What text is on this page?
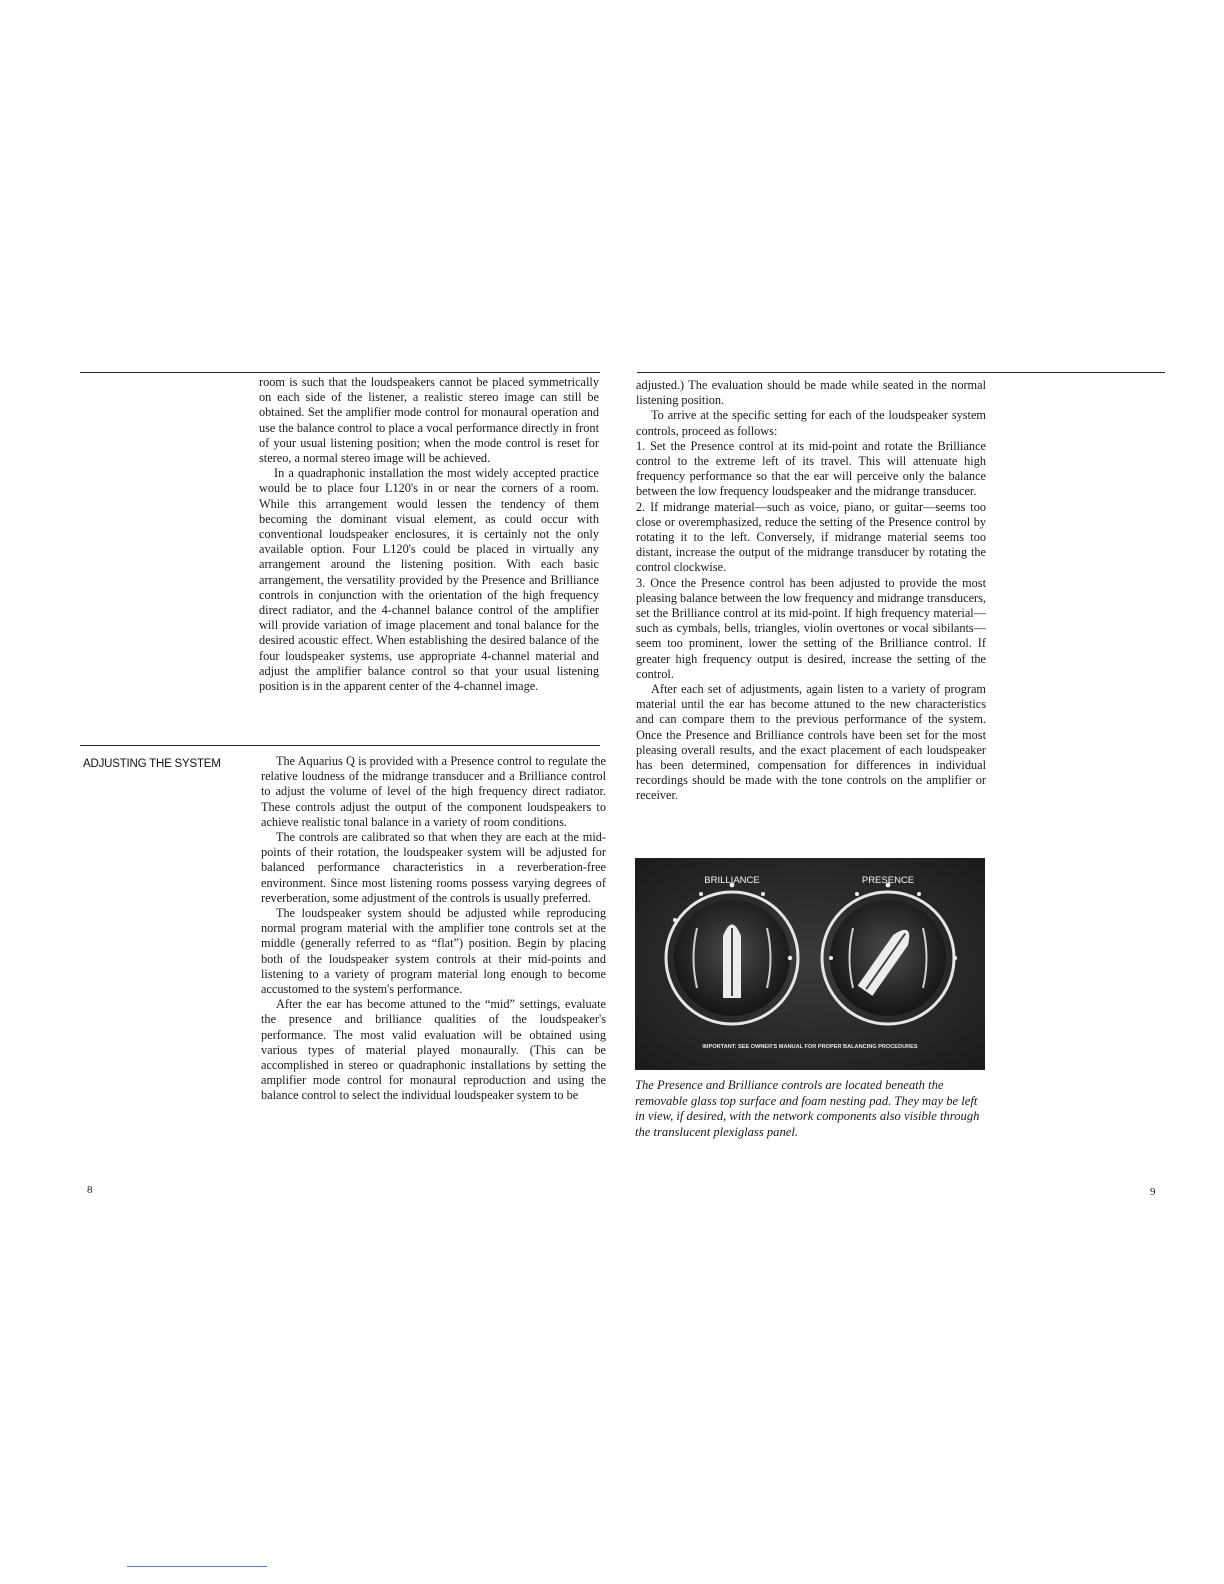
room is such that the loudspeakers cannot be placed symmetrically on each side of the listener, a realistic stereo image can still be obtained. Set the amplifier mode control for monaural operation and use the balance control to place a vocal performance directly in front of your usual listening position; when the mode control is reset for stereo, a normal stereo image will be achieved.

In a quadraphonic installation the most widely accepted practice would be to place four L120's in or near the corners of a room. While this arrangement would lessen the tendency of them becoming the dominant visual element, as could occur with conventional loudspeaker enclosures, it is certainly not the only available option. Four L120's could be placed in virtually any arrangement around the listening position. With each basic arrangement, the versatility provided by the Presence and Brilliance controls in conjunction with the orientation of the high frequency direct radiator, and the 4-channel balance control of the amplifier will provide variation of image placement and tonal balance for the desired acoustic effect. When establishing the desired balance of the four loudspeaker systems, use appropriate 4-channel material and adjust the amplifier balance control so that your usual listening position is in the apparent center of the 4-channel image.

ADJUSTING THE SYSTEM	The Aquarius Q is provided with a Presence control to regulate the relative loudness of the midrange transducer and a Brilliance control to adjust the volume of level of the high frequency direct radiator. These controls adjust the output of the component loudspeakers to achieve realistic tonal balance in a variety of room conditions.

The controls are calibrated so that when they are each at the mid-points of their rotation, the loudspeaker system will be adjusted for balanced performance characteristics in a reverberation-free environment. Since most listening rooms possess varying degrees of reverberation, some adjustment of the controls is usually preferred.

The loudspeaker system should be adjusted while reproducing normal program material with the amplifier tone controls set at the middle (generally referred to as “flat”) position. Begin by placing both of the loudspeaker system controls at their mid-points and listening to a variety of program material long enough to become accustomed to the system's performance.

After the ear has become attuned to the “mid” settings, evaluate the presence and brilliance qualities of the loudspeaker's performance. The most valid evaluation will be obtained using various types of material played monaurally. (This can be accomplished in stereo or quadraphonic installations by setting the amplifier mode control for monaural reproduction and using the balance control to select the individual loudspeaker system to be

adjusted.) The evaluation should be made while seated in the normal listening position.

To arrive at the specific setting for each of the loudspeaker system controls, proceed as follows:

1. Set the Presence control at its mid-point and rotate the Brilliance control to the extreme left of its travel. This will attenuate high frequency performance so that the ear will perceive only the balance between the low frequency loudspeaker and the midrange transducer.

2. If midrange material—such as voice, piano, or guitar—seems too close or overemphasized, reduce the setting of the Presence control by rotating it to the left. Conversely, if midrange material seems too distant, increase the output of the midrange transducer by rotating the control clockwise.

3. Once the Presence control has been adjusted to provide the most pleasing balance between the low frequency and midrange transducers, set the Brilliance control at its mid-point. If high frequency material—such as cymbals, bells, triangles, violin overtones or vocal sibilants—seem too prominent, lower the setting of the Brilliance control. If greater high frequency output is desired, increase the setting of the control.

After each set of adjustments, again listen to a variety of program material until the ear has become attuned to the new characteristics and can compare them to the previous performance of the system. Once the Presence and Brilliance controls have been set for the most pleasing overall results, and the exact placement of each loudspeaker has been determined, compensation for differences in individual recordings should be made with the tone controls on the amplifier or receiver.

BRILLIANCE	PRESENCE
IMPORTANT: SEE OWNER'S MANUAL FOR PROPER BALANCING PROCEDURES
The Presence and Brilliance controls are located beneath the removable glass top surface and foam nesting pad. They may be left in view, if desired, with the network components also visible through the translucent plexiglass panel.
8	9
